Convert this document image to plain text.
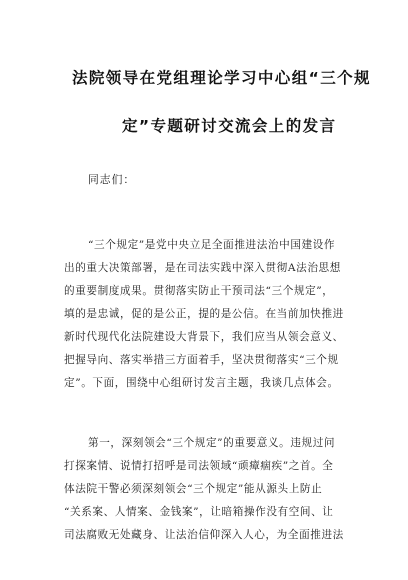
法院领导在党组理论学习中心组“三个规
定”专题研讨交流会上的发言
同志们：
“三个规定”是党中央立足全面推进法治中国建设作
出的重大决策部署，是在司法实践中深入贯彻A法治思想
的重要制度成果。贯彻落实防止干预司法“三个规定”，
填的是忠诚，促的是公正，提的是公信。在当前加快推进
新时代现代化法院建设大背景下，我们应当从领会意义、
把握导向、落实举措三方面着手，坚决贯彻落实“三个规
定”。下面，围绕中心组研讨发言主题，我谈几点体会。
第一，深刻领会“三个规定”的重要意义。违规过问
打探案情、说情打招呼是司法领域“顽瘴痼疾”之首。全
体法院干警必须深刻领会“三个规定”能从源头上防止
“关系案、人情案、金钱案”，让暗箱操作没有空间、让
司法腐败无处藏身、让法治信仰深入人心，为全面推进法
